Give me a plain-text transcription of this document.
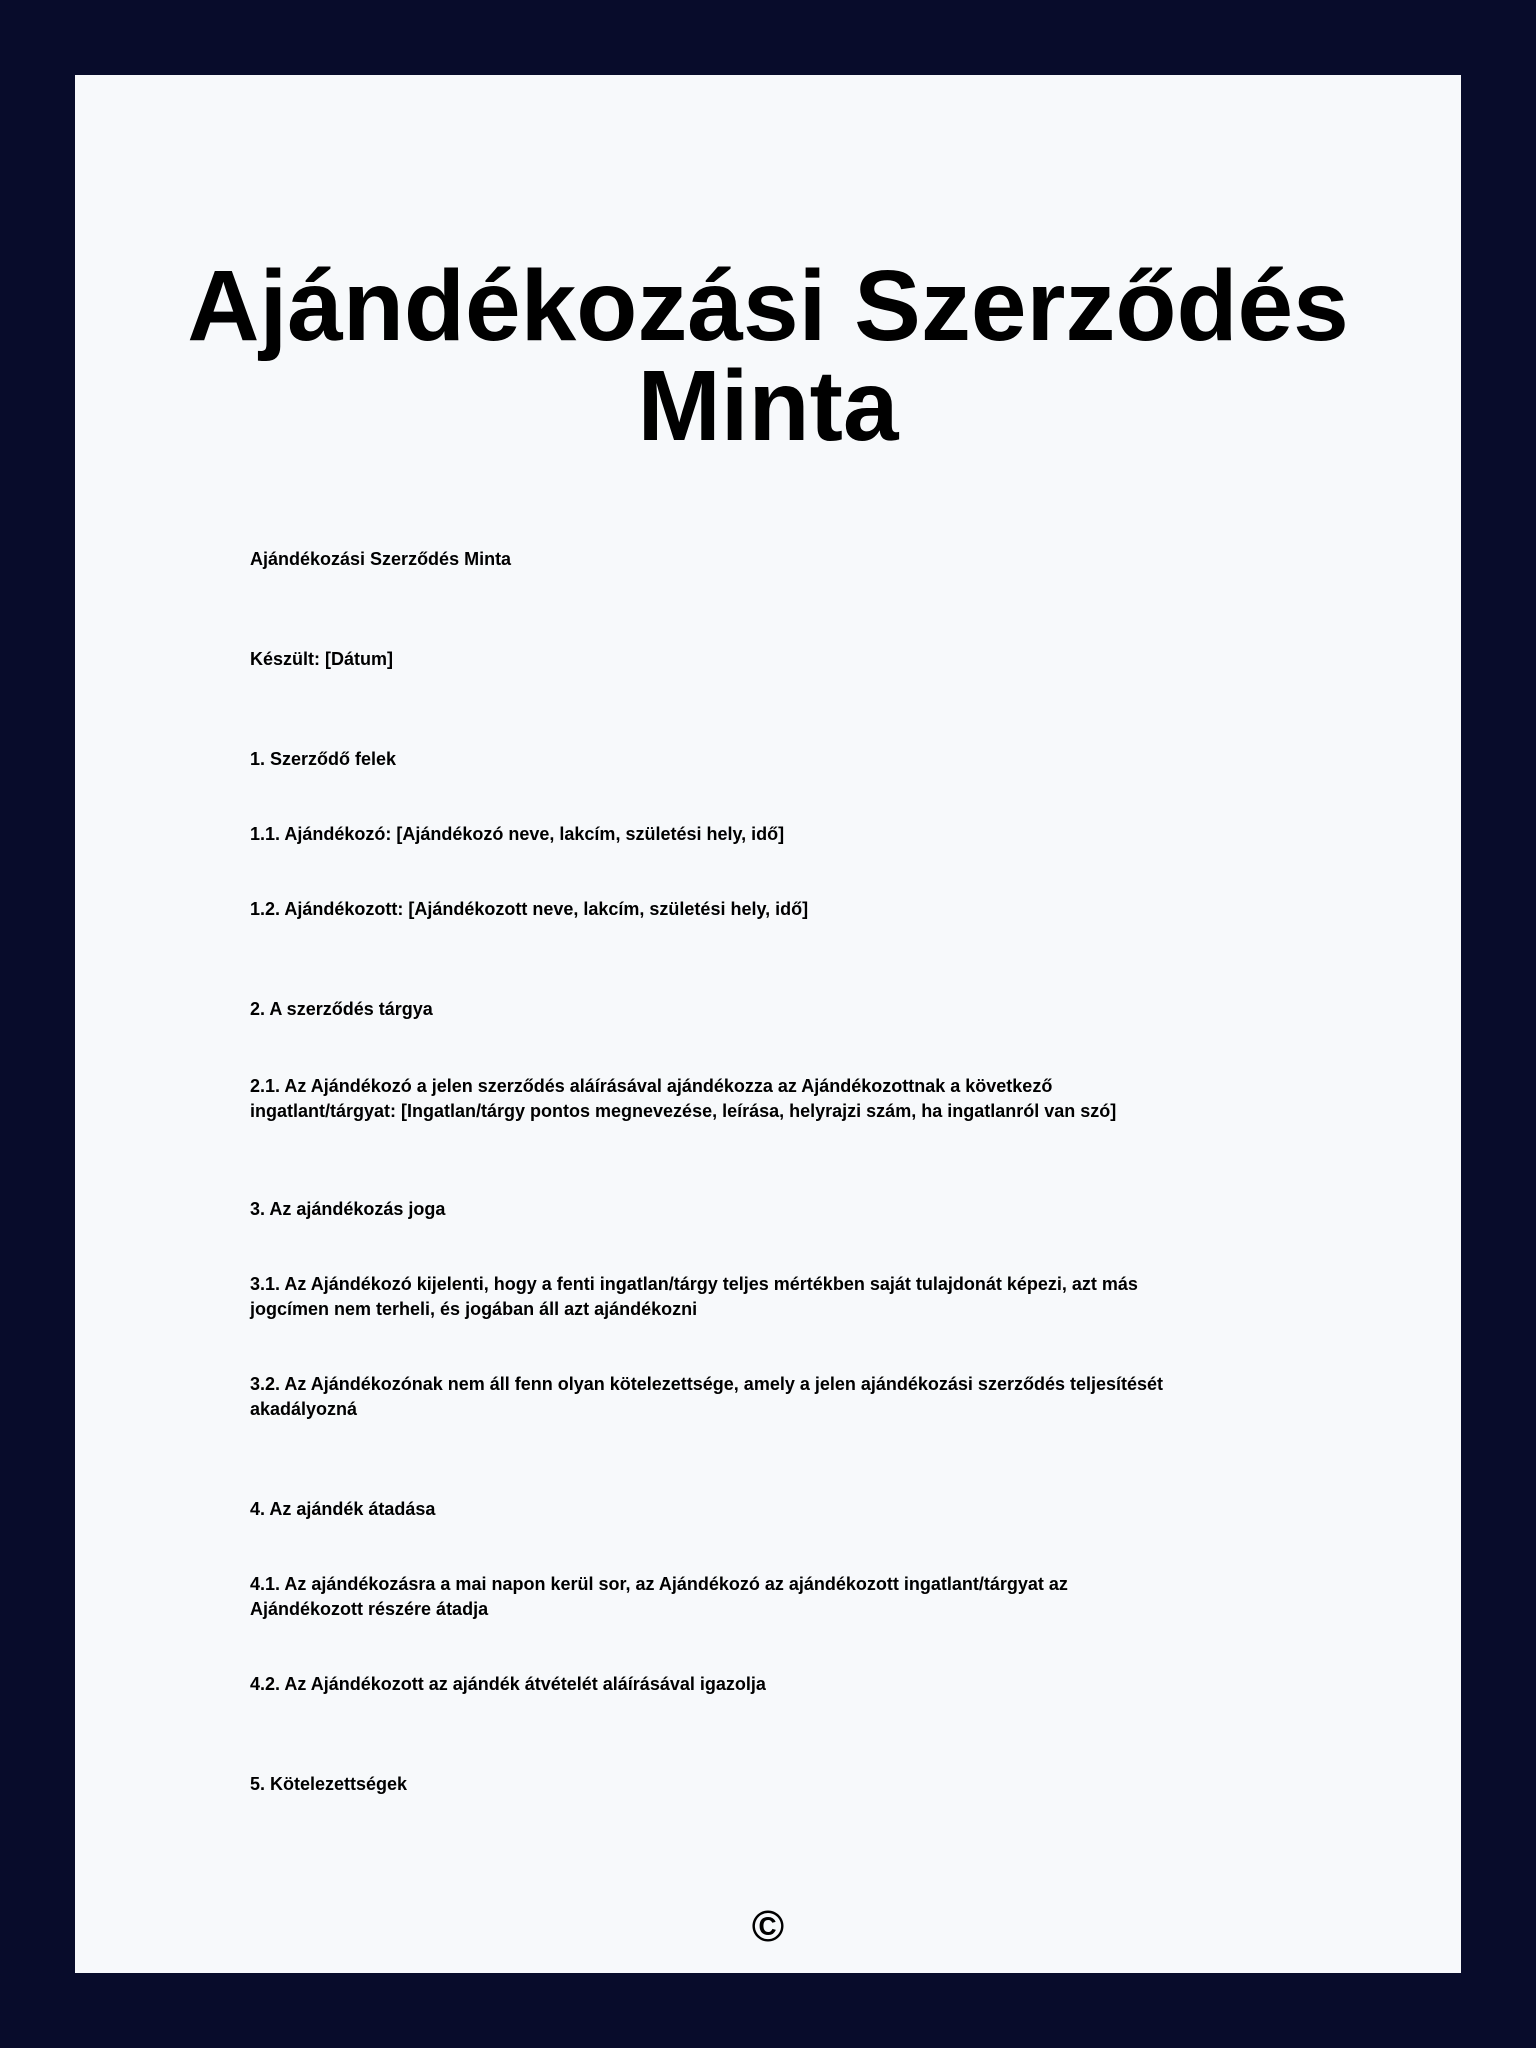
Ajándékozási Szerződés
Minta

Ajándékozási Szerződés Minta

Készült: [Dátum]

1. Szerződő felek

1.1. Ajándékozó: [Ajándékozó neve, lakcím, születési hely, idő]

1.2. Ajándékozott: [Ajándékozott neve, lakcím, születési hely, idő]

2. A szerződés tárgya

2.1. Az Ajándékozó a jelen szerződés aláírásával ajándékozza az Ajándékozottnak a következő
ingatlant/tárgyat: [Ingatlan/tárgy pontos megnevezése, leírása, helyrajzi szám, ha ingatlanról van szó]

3. Az ajándékozás joga

3.1. Az Ajándékozó kijelenti, hogy a fenti ingatlan/tárgy teljes mértékben saját tulajdonát képezi, azt más
jogcímen nem terheli, és jogában áll azt ajándékozni
3.2. Az Ajándékozónak nem áll fenn olyan kötelezettsége, amely a jelen ajándékozási szerződés teljesítését
akadályozná

4. Az ajándék átadása

4.1. Az ajándékozásra a mai napon kerül sor, az Ajándékozó az ajándékozott ingatlant/tárgyat az
Ajándékozott részére átadja

4.2. Az Ajándékozott az ajándék átvételét aláírásával igazolja

5. Kötelezettségek

©
